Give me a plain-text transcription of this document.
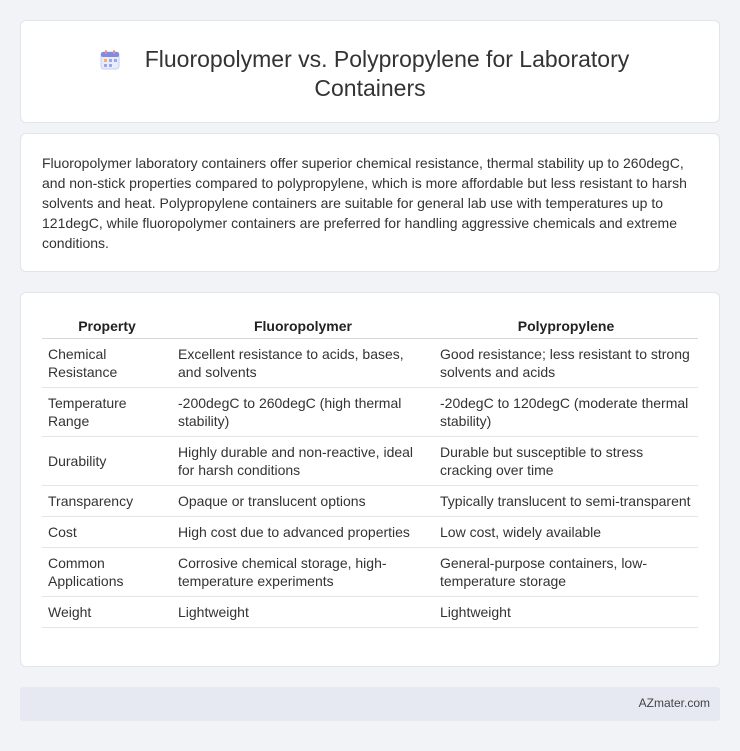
Fluoropolymer vs. Polypropylene for Laboratory
Containers

Fluoropolymer laboratory containers offer superior chemical resistance, thermal stability up to 260degC, and non-stick properties compared to polypropylene, which is more affordable but less resistant to harsh solvents and heat. Polypropylene containers are suitable for general lab use with temperatures up to 121degC, while fluoropolymer containers are preferred for handling aggressive chemicals and extreme conditions.

Property	Fluoropolymer	Polypropylene
Chemical Resistance	Excellent resistance to acids, bases, and solvents	Good resistance; less resistant to strong solvents and acids
Temperature Range	-200degC to 260degC (high thermal stability)	-20degC to 120degC (moderate thermal stability)
Durability	Highly durable and non-reactive, ideal for harsh conditions	Durable but susceptible to stress cracking over time
Transparency	Opaque or translucent options	Typically translucent to semi-transparent
Cost	High cost due to advanced properties	Low cost, widely available
Common Applications	Corrosive chemical storage, high-temperature experiments	General-purpose containers, low-temperature storage
Weight	Lightweight	Lightweight
AZmater.com
